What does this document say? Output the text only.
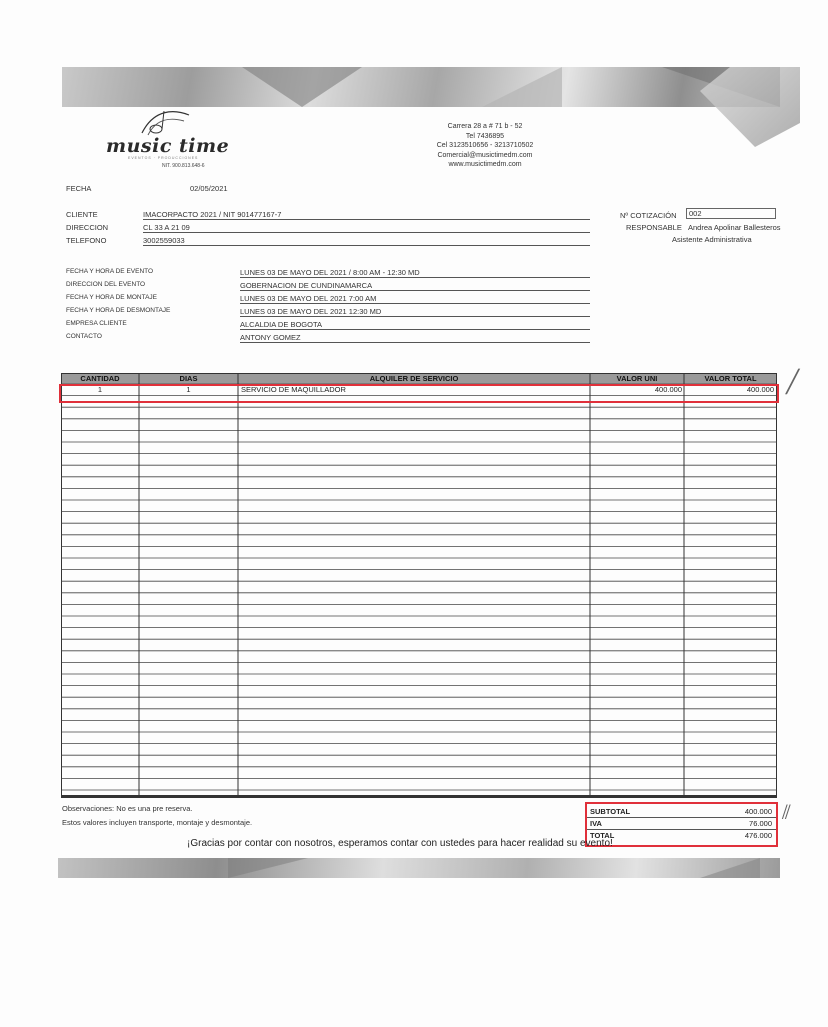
music time
EVENTOS · PRODUCCIONES
NIT. 900.813.648-6
Carrera 28 a # 71 b - 52
Tel 7436895
Cel 3123510656 - 3213710502
Comercial@musictimedm.com
www.musictimedm.com
FECHA	02/05/2021
CLIENTE	IMACORPACTO 2021 / NIT 901477167-7
DIRECCION	CL 33 A 21 09
TELEFONO	3002559033
Nº COTIZACIÓN	002
RESPONSABLE Andrea Apolinar Ballesteros
Asistente Administrativa
FECHA Y HORA DE EVENTO	LUNES 03 DE MAYO DEL 2021 / 8:00 AM - 12:30 MD
DIRECCION DEL EVENTO	GOBERNACION DE CUNDINAMARCA
FECHA Y HORA DE MONTAJE	LUNES 03 DE MAYO DEL 2021 7:00 AM
FECHA Y HORA DE DESMONTAJE	LUNES 03 DE MAYO DEL 2021 12:30 MD
EMPRESA CLIENTE	ALCALDIA DE BOGOTA
CONTACTO	ANTONY GOMEZ
CANTIDAD	DIAS	ALQUILER DE SERVICIO	VALOR UNI	VALOR TOTAL
1	1	SERVICIO DE MAQUILLADOR	400.000	400.000 ╱
Observaciones: No es una pre reserva.
Estos valores incluyen transporte, montaje y desmontaje.
SUBTOTAL	400.000
IVA	76.000
TOTAL	476.000
⫽
¡Gracias por contar con nosotros, esperamos contar con ustedes para hacer realidad su evento!
